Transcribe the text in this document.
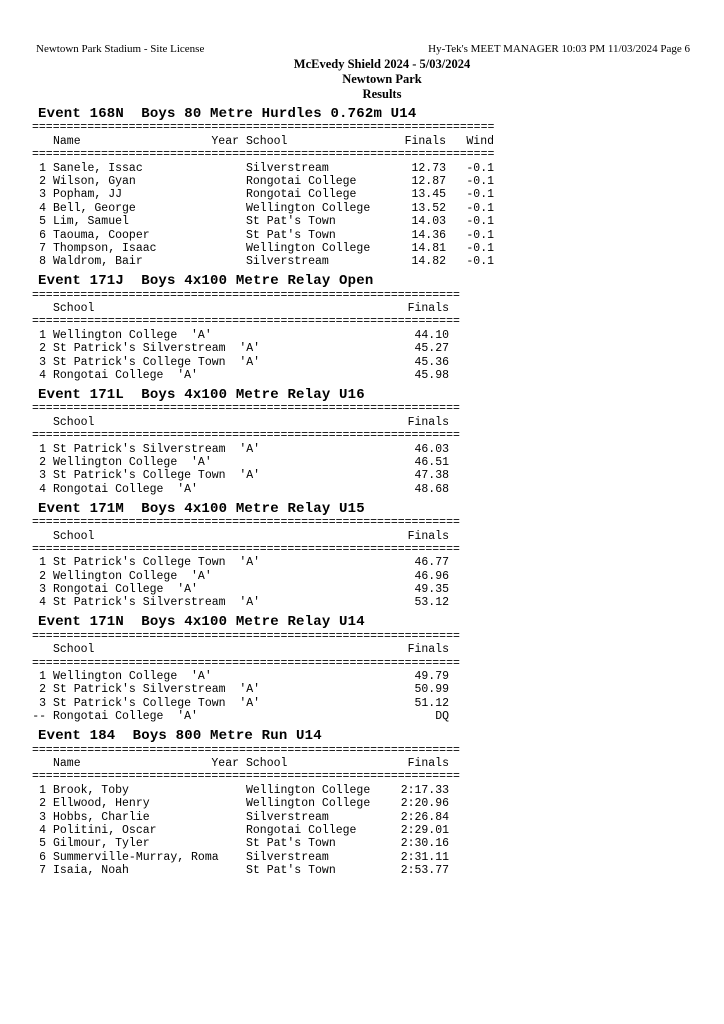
Newtown Park Stadium - Site License	Hy-Tek's MEET MANAGER 10:03 PM 11/03/2024 Page 6
McEvedy Shield 2024 - 5/03/2024
Newtown Park
Results
Event 168N  Boys 80 Metre Hurdles 0.762m U14
===================================================================
Name	Year School	Finals	Wind
===================================================================
1 Sanele, Issac	Silverstream	12.73	-0.1
2 Wilson, Gyan	Rongotai College	12.87	-0.1
3 Popham, JJ	Rongotai College	13.45	-0.1
4 Bell, George	Wellington College	13.52	-0.1
5 Lim, Samuel	St Pat's Town	14.03	-0.1
6 Taouma, Cooper	St Pat's Town	14.36	-0.1
7 Thompson, Isaac	Wellington College	14.81	-0.1
8 Waldrom, Bair	Silverstream	14.82	-0.1
Event 171J  Boys 4x100 Metre Relay Open
==============================================================
School	Finals
==============================================================
1 Wellington College  'A'	44.10
2 St Patrick's Silverstream  'A'	45.27
3 St Patrick's College Town  'A'	45.36
4 Rongotai College  'A'	45.98
Event 171L  Boys 4x100 Metre Relay U16
==============================================================
School	Finals
==============================================================
1 St Patrick's Silverstream  'A'	46.03
2 Wellington College  'A'	46.51
3 St Patrick's College Town  'A'	47.38
4 Rongotai College  'A'	48.68
Event 171M  Boys 4x100 Metre Relay U15
==============================================================
School	Finals
==============================================================
1 St Patrick's College Town  'A'	46.77
2 Wellington College  'A'	46.96
3 Rongotai College  'A'	49.35
4 St Patrick's Silverstream  'A'	53.12
Event 171N  Boys 4x100 Metre Relay U14
==============================================================
School	Finals
==============================================================
1 Wellington College  'A'	49.79
2 St Patrick's Silverstream  'A'	50.99
3 St Patrick's College Town  'A'	51.12
-- Rongotai College  'A'	DQ
Event 184  Boys 800 Metre Run U14
==============================================================
Name	Year School	Finals
==============================================================
1 Brook, Toby	Wellington College	2:17.33
2 Ellwood, Henry	Wellington College	2:20.96
3 Hobbs, Charlie	Silverstream	2:26.84
4 Politini, Oscar	Rongotai College	2:29.01
5 Gilmour, Tyler	St Pat's Town	2:30.16
6 Summerville-Murray, Roma Silverstream	2:31.11
7 Isaia, Noah	St Pat's Town	2:53.77
